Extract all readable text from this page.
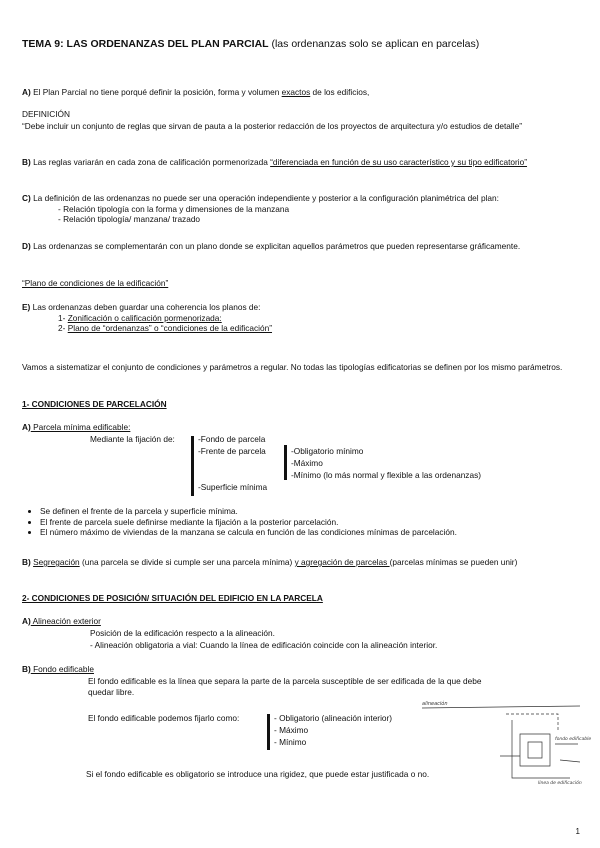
TEMA 9: LAS ORDENANZAS DEL PLAN PARCIAL (las ordenanzas solo se aplican en parcelas)
A) El Plan Parcial no tiene porqué definir la posición, forma y volumen exactos de los edificios,
DEFINICIÓN
“Debe incluir un conjunto de reglas que sirvan de pauta a la posterior redacción de los proyectos de arquitectura y/o estudios de detalle”
B) Las reglas variarán en cada zona de calificación pormenorizada “diferenciada en función de su uso característico y su tipo edificatorio”
C) La definición de las ordenanzas no puede ser una operación independiente y posterior a la configuración planimétrica del plan:
- Relación tipología con la forma y dimensiones de la manzana
- Relación tipología/ manzana/ trazado
D) Las ordenanzas se complementarán con un plano donde se explicitan aquellos parámetros que pueden representarse gráficamente.
“Plano de condiciones de la edificación”
E) Las ordenanzas deben guardar una coherencia los planos de:
1- Zonificación o calificación pormenorizada:
2- Plano de “ordenanzas” o “condiciones de la edificación”
Vamos a sistematizar el conjunto de condiciones y parámetros a regular. No todas las tipologías edificatorias se definen por los mismo parámetros.
1- CONDICIONES DE PARCELACIÓN
A) Parcela mínima edificable:
Mediante la fijación de:	-Fondo de parcela
-Frente de parcela
-Superficie mínima
-Obligatorio mínimo
-Máximo
-Mínimo (lo más normal y flexible a las ordenanzas)
• Se definen el frente de la parcela y superficie mínima.
• El frente de parcela suele definirse mediante la fijación a la posterior parcelación.
• El número máximo de viviendas de la manzana se calcula en función de las condiciones mínimas de parcelación.
B) Segregación (una parcela se divide si cumple ser una parcela mínima) y agregación de parcelas (parcelas mínimas se pueden unir)
2- CONDICIONES DE POSICIÓN/ SITUACIÓN DEL EDIFICIO EN LA PARCELA
A) Alineación exterior
Posición de la edificación respecto a la alineación.
- Alineación obligatoria a vial: Cuando la línea de edificación coincide con la alineación interior.
B) Fondo edificable
El fondo edificable es la línea que separa la parte de la parcela susceptible de ser edificada de la que debe quedar libre.
El fondo edificable podemos fijarlo como:	- Obligatorio (alineación interior)
- Máximo
- Mínimo
Si el fondo edificable es obligatorio se introduce una rigidez, que puede estar justificada o no.
alineación
fondo edificable
línea de edificación
1
